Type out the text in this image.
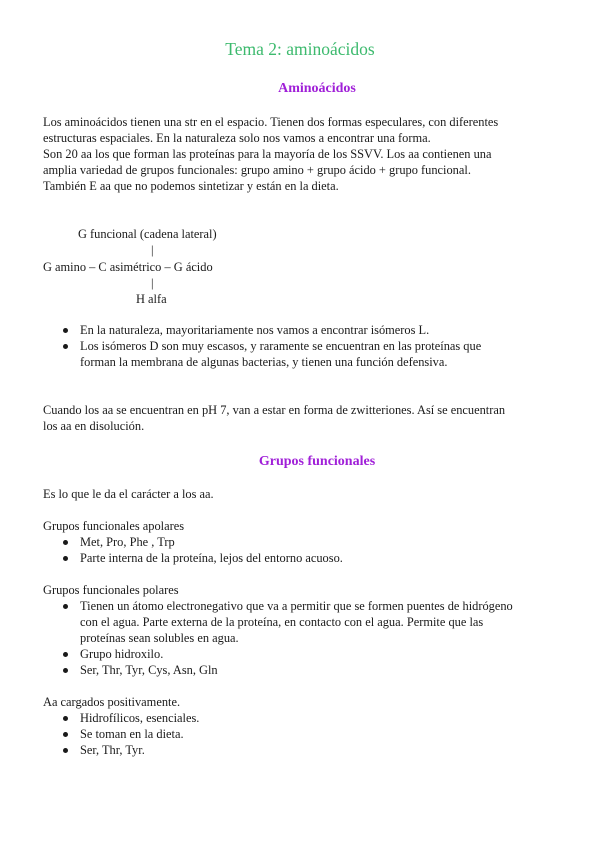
Tema 2: aminoácidos
Aminoácidos
Los aminoácidos tienen una str en el espacio. Tienen dos formas especulares, con diferentes
estructuras espaciales. En la naturaleza solo nos vamos a encontrar una forma.
Son 20 aa los que forman las proteínas para la mayoría de los SSVV. Los aa contienen una
amplia variedad de grupos funcionales: grupo amino + grupo ácido + grupo funcional.
También E aa que no podemos sintetizar y están en la dieta.
G funcional (cadena lateral)
|
G amino – C asimétrico – G ácido
|
H alfa
En la naturaleza, mayoritariamente nos vamos a encontrar isómeros L.
Los isómeros D son muy escasos, y raramente se encuentran en las proteínas que
forman la membrana de algunas bacterias, y tienen una función defensiva.
Cuando los aa se encuentran en pH 7, van a estar en forma de zwitteriones. Así se encuentran
los aa en disolución.
Grupos funcionales
Es lo que le da el carácter a los aa.
Grupos funcionales apolares
Met, Pro, Phe , Trp
Parte interna de la proteína, lejos del entorno acuoso.
Grupos funcionales polares
Tienen un átomo electronegativo que va a permitir que se formen puentes de hidrógeno
con el agua. Parte externa de la proteína, en contacto con el agua. Permite que las
proteínas sean solubles en agua.
Grupo hidroxilo.
Ser, Thr, Tyr, Cys, Asn, Gln
Aa cargados positivamente.
Hidrofílicos, esenciales.
Se toman en la dieta.
Ser, Thr, Tyr.
